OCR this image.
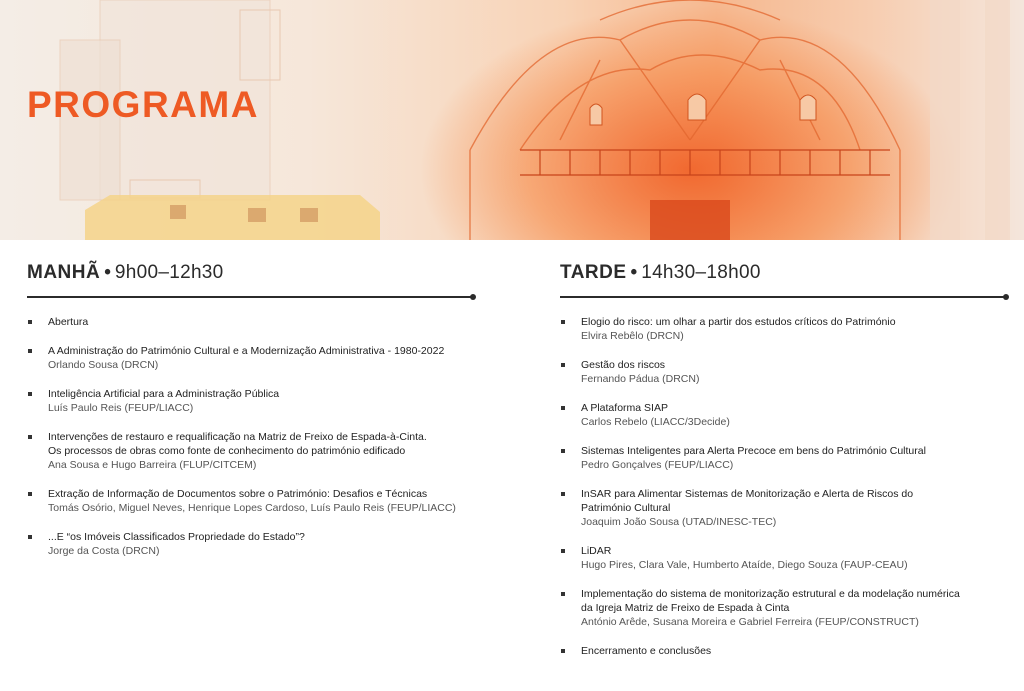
PROGRAMA
MANHÃ • 9h00–12h30
Abertura
A Administração do Património Cultural e a Modernização Administrativa - 1980-2022
Orlando Sousa (DRCN)
Inteligência Artificial para a Administração Pública
Luís Paulo Reis (FEUP/LIACC)
Intervenções de restauro e requalificação na Matriz de Freixo de Espada-à-Cinta.
Os processos de obras como fonte de conhecimento do património edificado
Ana Sousa e Hugo Barreira (FLUP/CITCEM)
Extração de Informação de Documentos sobre o Património: Desafios e Técnicas
Tomás Osório, Miguel Neves, Henrique Lopes Cardoso, Luís Paulo Reis (FEUP/LIACC)
...E “os Imóveis Classificados Propriedade do Estado”?
Jorge da Costa (DRCN)
TARDE • 14h30–18h00
Elogio do risco: um olhar a partir dos estudos críticos do Património
Elvira Rebêlo (DRCN)
Gestão dos riscos
Fernando Pádua (DRCN)
A Plataforma SIAP
Carlos Rebelo (LIACC/3Decide)
Sistemas Inteligentes para Alerta Precoce em bens do Património Cultural
Pedro Gonçalves (FEUP/LIACC)
InSAR para Alimentar Sistemas de Monitorização e Alerta de Riscos do
Património Cultural
Joaquim João Sousa (UTAD/INESC-TEC)
LiDAR
Hugo Pires, Clara Vale, Humberto Ataíde, Diego Souza (FAUP-CEAU)
Implementação do sistema de monitorização estrutural e da modelação numérica
da Igreja Matriz de Freixo de Espada à Cinta
António Arêde, Susana Moreira e Gabriel Ferreira (FEUP/CONSTRUCT)
Encerramento e conclusões
